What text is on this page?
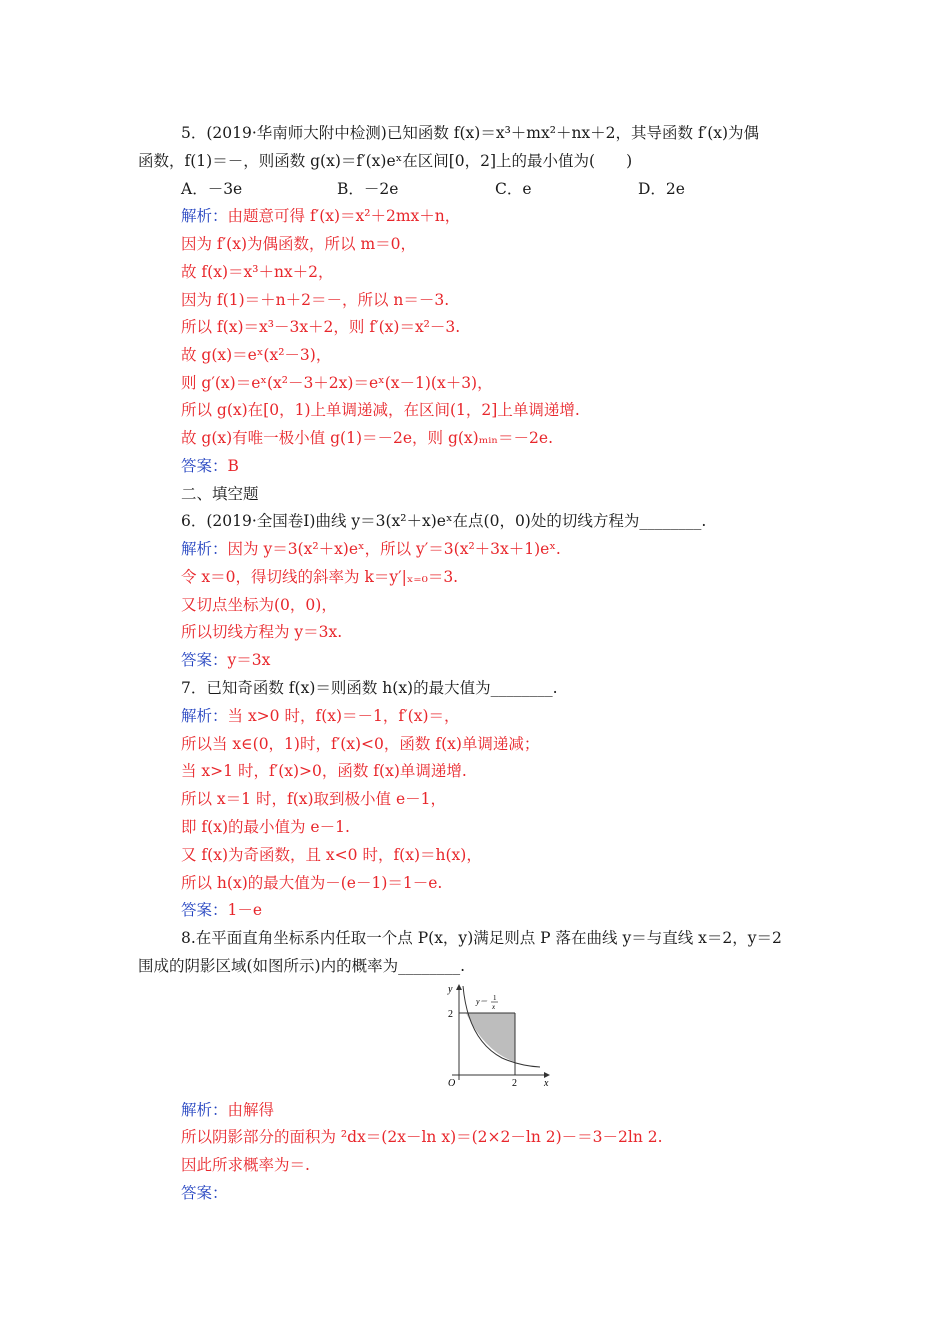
5．(2019·华南师大附中检测)已知函数 f(x)＝x³＋mx²＋nx＋2，其导函数 f′(x)为偶
函数，f(1)＝－，则函数 g(x)＝f′(x)eˣ在区间[0，2]上的最小值为(　　)
A．－3e	B．－2e	C．e	D．2e
解析：由题意可得 f′(x)＝x²＋2mx＋n，
因为 f′(x)为偶函数，所以 m＝0，
故 f(x)＝x³＋nx＋2，
因为 f(1)＝＋n＋2＝－，所以 n＝－3.
所以 f(x)＝x³－3x＋2，则 f′(x)＝x²－3.
故 g(x)＝eˣ(x²－3)，
则 g′(x)＝eˣ(x²－3＋2x)＝eˣ(x－1)(x＋3)，
所以 g(x)在[0，1)上单调递减，在区间(1，2]上单调递增.
故 g(x)有唯一极小值 g(1)＝－2e，则 g(x)ₘᵢₙ＝－2e.
答案：B
二、填空题
6．(2019·全国卷Ⅰ)曲线 y＝3(x²＋x)eˣ在点(0，0)处的切线方程为________.
解析：因为 y＝3(x²＋x)eˣ，所以 y′＝3(x²＋3x＋1)eˣ.
令 x＝0，得切线的斜率为 k＝y′|ₓ₌₀＝3.
又切点坐标为(0，0)，
所以切线方程为 y＝3x.
答案：y＝3x
7．已知奇函数 f(x)＝则函数 h(x)的最大值为________.
解析：当 x>0 时，f(x)＝－1，f′(x)＝，
所以当 x∈(0，1)时，f′(x)<0，函数 f(x)单调递减；
当 x>1 时，f′(x)>0，函数 f(x)单调递增.
所以 x＝1 时，f(x)取到极小值 e－1，
即 f(x)的最小值为 e－1.
又 f(x)为奇函数，且 x<0 时，f(x)＝h(x)，
所以 h(x)的最大值为－(e－1)＝1－e.
答案：1－e
8.在平面直角坐标系内任取一个点 P(x，y)满足则点 P 落在曲线 y＝与直线 x＝2，y＝2
围成的阴影区域(如图所示)内的概率为________.
y
x
O
2
2
y＝ 1
x
解析：由解得
所以阴影部分的面积为 ²dx＝(2x－ln x)＝(2×2－ln 2)－＝3－2ln 2.
因此所求概率为＝.
答案：
